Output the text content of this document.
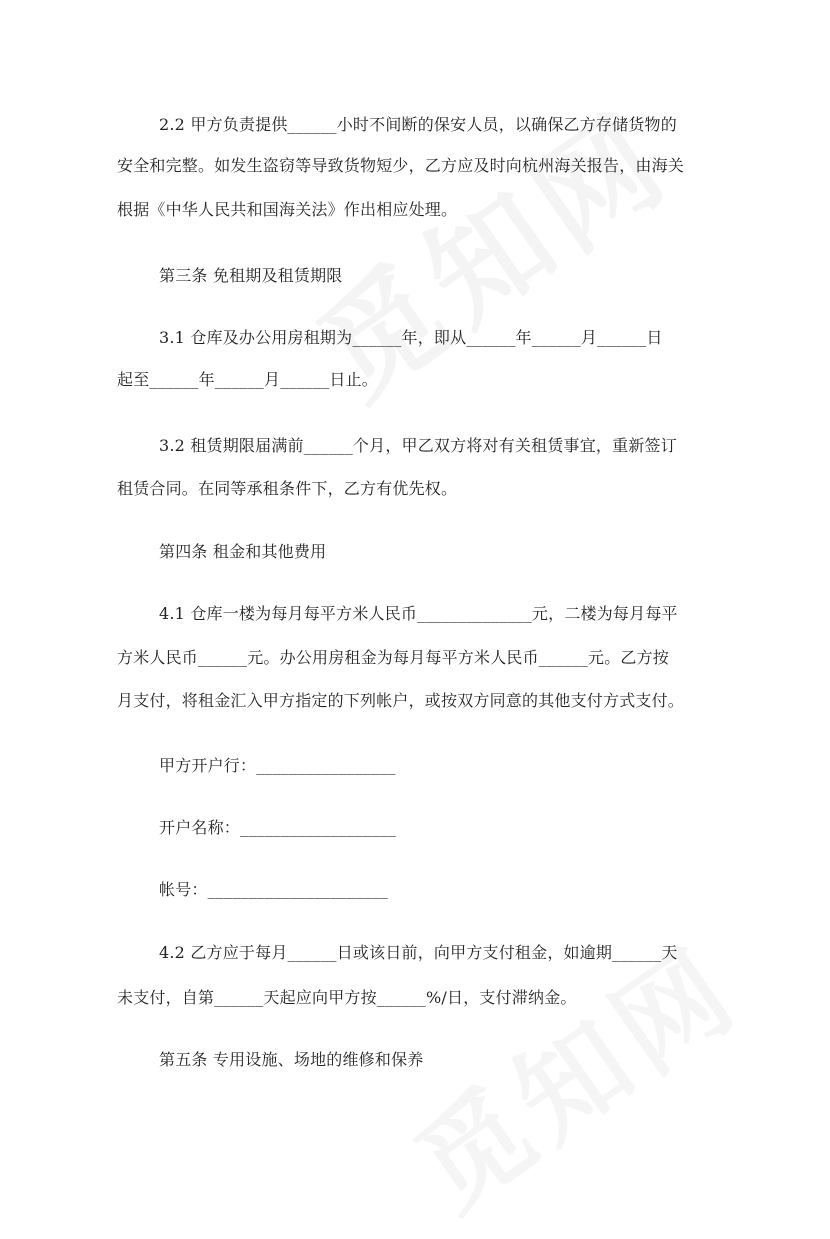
2.2 甲方负责提供______小时不间断的保安人员，以确保乙方存储货物的
安全和完整。如发生盗窃等导致货物短少，乙方应及时向杭州海关报告，由海关
根据《中华人民共和国海关法》作出相应处理。
第三条 免租期及租赁期限
3.1 仓库及办公用房租期为______年，即从______年______月______日
起至______年______月______日止。
3.2 租赁期限届满前______个月，甲乙双方将对有关租赁事宜，重新签订
租赁合同。在同等承租条件下，乙方有优先权。
第四条 租金和其他费用
4.1 仓库一楼为每月每平方米人民币______________元，二楼为每月每平
方米人民币______元。办公用房租金为每月每平方米人民币______元。乙方按
月支付，将租金汇入甲方指定的下列帐户，或按双方同意的其他支付方式支付。
甲方开户行：_________________
开户名称：___________________
帐号：______________________
4.2 乙方应于每月______日或该日前，向甲方支付租金，如逾期______天
未支付，自第______天起应向甲方按______%/日，支付滞纳金。
第五条 专用设施、场地的维修和保养
